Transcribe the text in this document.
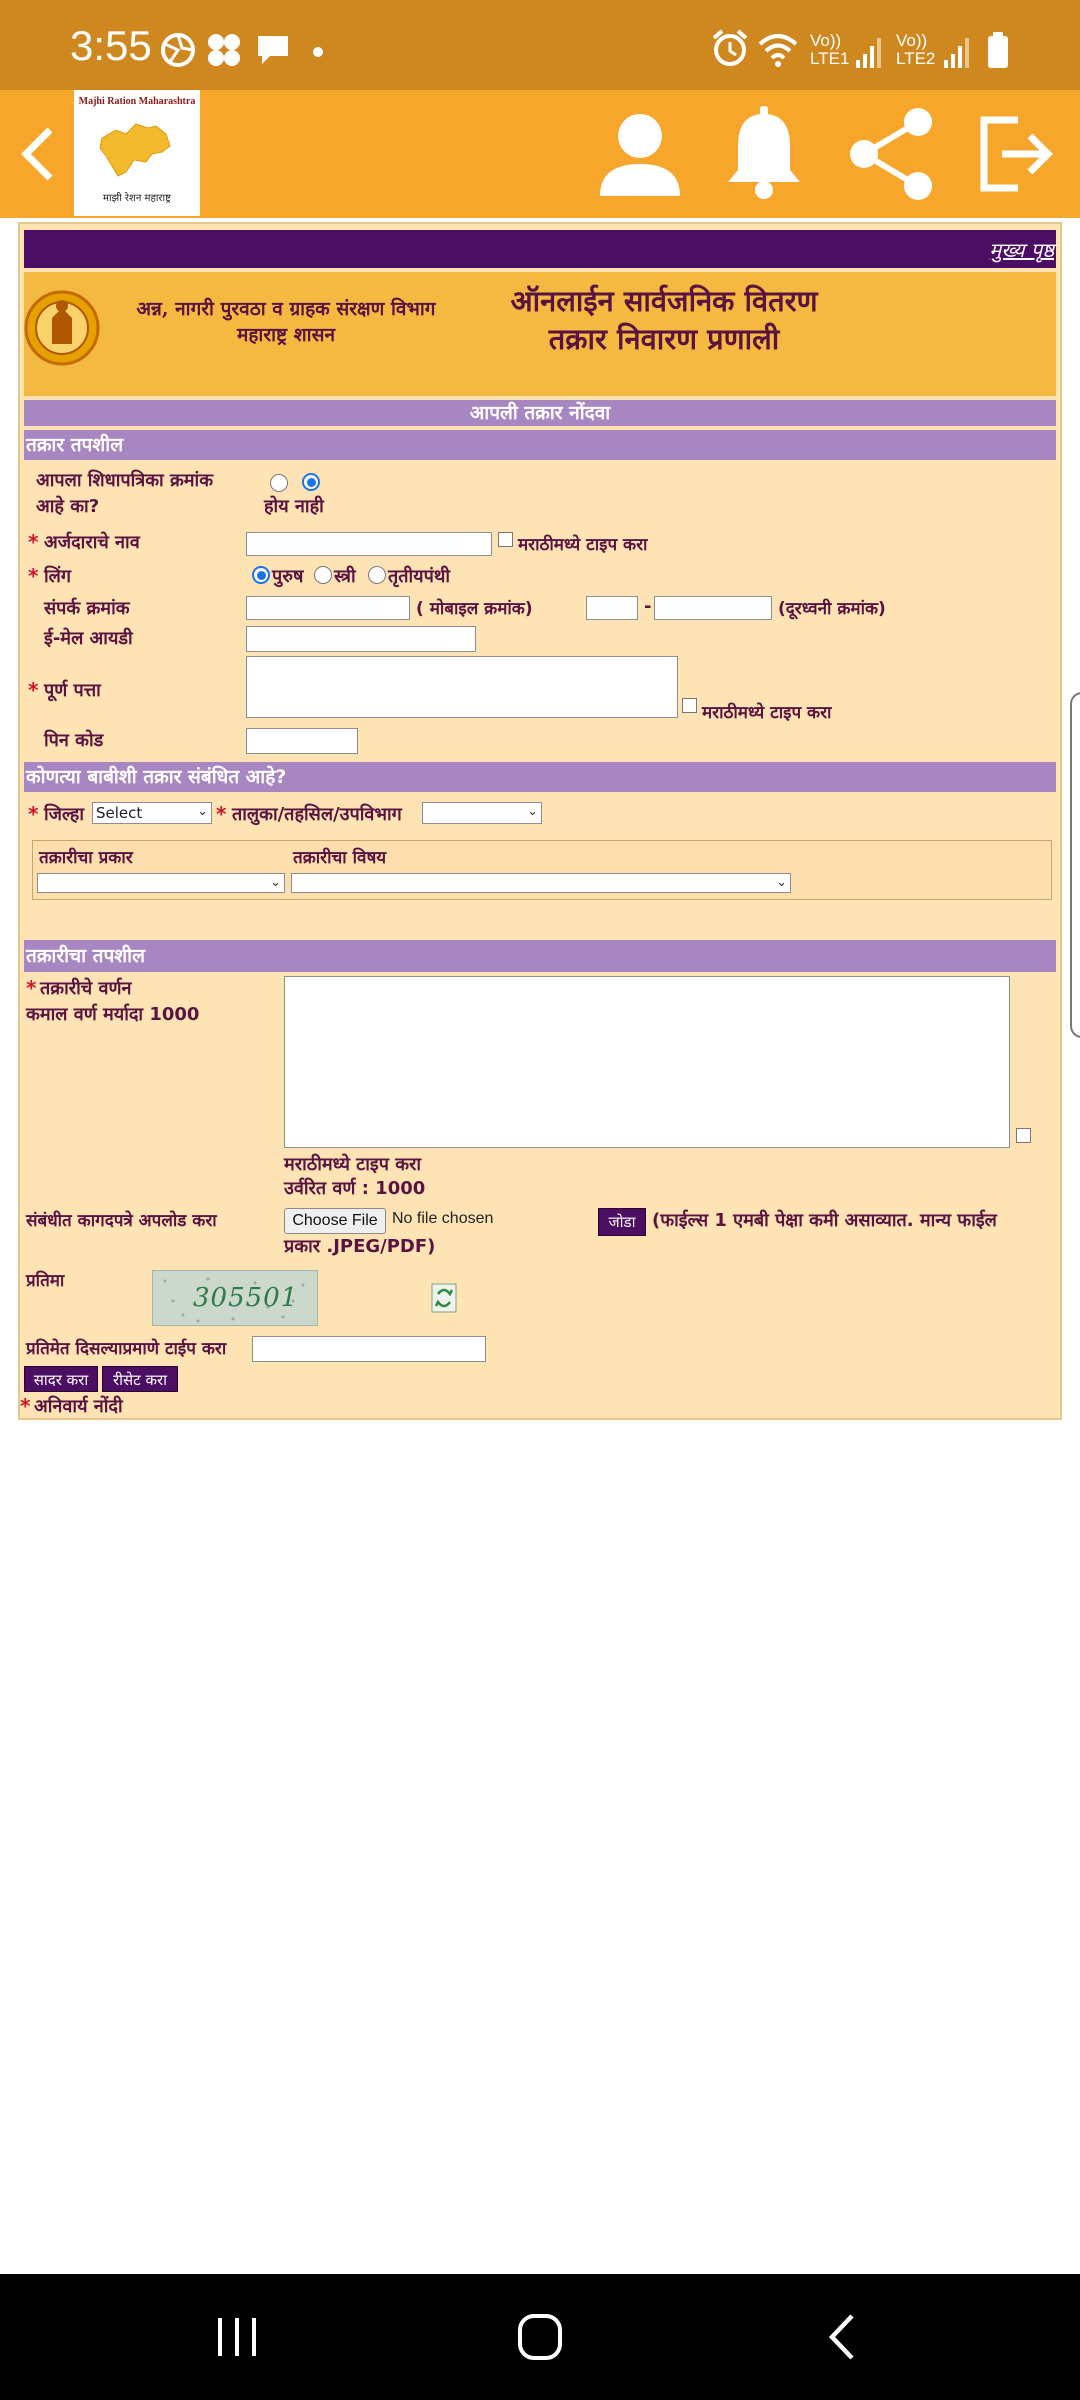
3:55	Vo)) LTE1
Vo)) LTE2
Majhi Ration Maharashtra
माझी रेशन महाराष्ट्र
मुख्य पृष्ठ
अन्न, नागरी पुरवठा व ग्राहक संरक्षण विभाग
महाराष्ट्र शासन
ऑनलाईन सार्वजनिक वितरण
तक्रार निवारण प्रणाली
आपली तक्रार नोंदवा
तक्रार तपशील
आपला शिधापत्रिका क्रमांक
आहे का?	होय नाही
* अर्जदाराचे नाव	मराठीमध्ये टाइप करा
* लिंग	पुरुष स्त्री तृतीयपंथी
संपर्क क्रमांक	( मोबाइल क्रमांक)	-	(दूरध्वनी क्रमांक)
ई-मेल आयडी
* पूर्ण पत्ता
मराठीमध्ये टाइप करा
पिन कोड
कोणत्या बाबीशी तक्रार संबंधित आहे?
* जिल्हा Select	⌄ * तालुका/तहसिल/उपविभाग	⌄
तक्रारीचा प्रकार	तक्रारीचा विषय
⌄	⌄
तक्रारीचा तपशील
* तक्रारीचे वर्णन
कमाल वर्ण मर्यादा 1000
मराठीमध्ये टाइप करा
उर्वरित वर्ण : 1000
संबंधीत कागदपत्रे अपलोड करा	Choose File No file chosen	जोडा (फाईल्स 1 एमबी पेक्षा कमी असाव्यात. मान्य फाईल
प्रकार .JPEG/PDF)
प्रतिमा
305501
प्रतिमेत दिसल्याप्रमाणे टाईप करा
सादर करा	रीसेट करा
* अनिवार्य नोंदी
